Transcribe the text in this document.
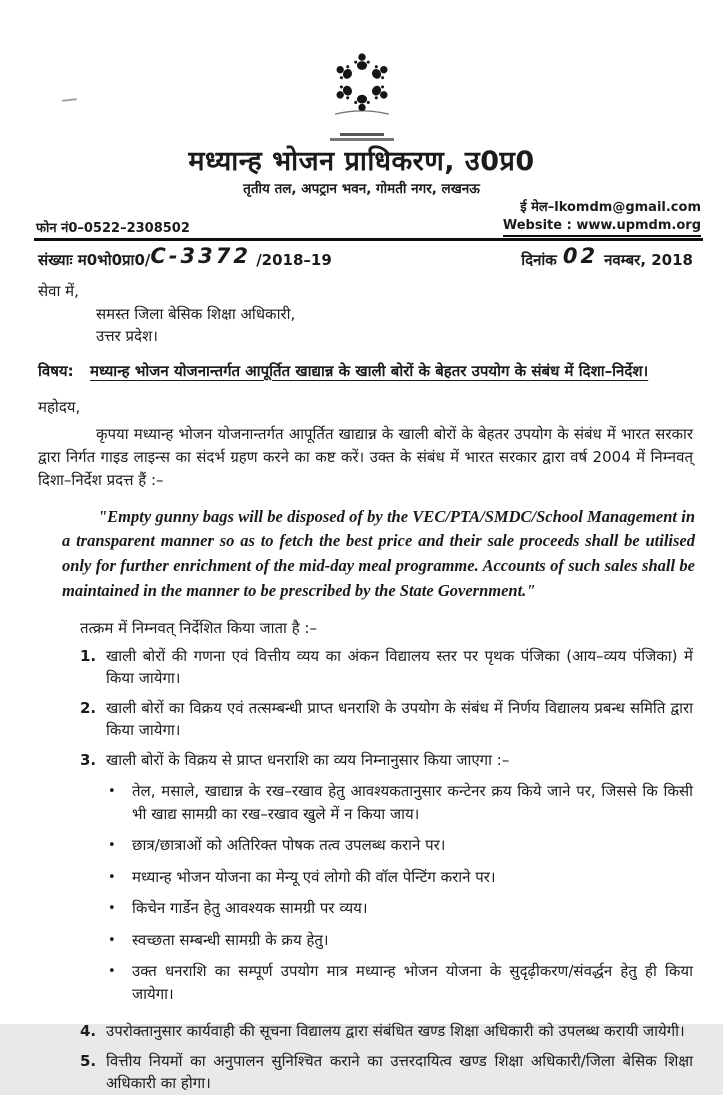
मध्यान्ह भोजन प्राधिकरण, उ0प्र0
तृतीय तल, अपट्रान भवन, गोमती नगर, लखनऊ
फोन नं0–0522–2308502
ई मेल–lkomdm@gmail.com
Website : www.upmdm.org
संख्याः म0भो0प्रा0/C-3372 /2018–19	दिनांक 02 नवम्बर, 2018
सेवा में,
समस्त जिला बेसिक शिक्षा अधिकारी,
उत्तर प्रदेश।
विषय:	मध्यान्ह भोजन योजनान्तर्गत आपूर्तित खाद्यान्न के खाली बोरों के बेहतर उपयोग के संबंध में दिशा–निर्देश।
महोदय,
कृपया मध्यान्ह भोजन योजनान्तर्गत आपूर्तित खाद्यान्न के खाली बोरों के बेहतर उपयोग के संबंध में भारत सरकार द्वारा निर्गत गाइड लाइन्स का संदर्भ ग्रहण करने का कष्ट करें। उक्त के संबंध में भारत सरकार द्वारा वर्ष 2004 में निम्नवत् दिशा–निर्देश प्रदत्त हैं :–
"Empty gunny bags will be disposed of by the VEC/PTA/SMDC/School Management in a transparent manner so as to fetch the best price and their sale proceeds shall be utilised only for further enrichment of the mid-day meal programme. Accounts of such sales shall be maintained in the manner to be prescribed by the State Government."
तत्क्रम में निम्नवत् निर्देशित किया जाता है :–
1. खाली बोरों की गणना एवं वित्तीय व्यय का अंकन विद्यालय स्तर पर पृथक पंजिका (आय–व्यय पंजिका) में किया जायेगा।
2. खाली बोरों का विक्रय एवं तत्सम्बन्धी प्राप्त धनराशि के उपयोग के संबंध में निर्णय विद्यालय प्रबन्ध समिति द्वारा किया जायेगा।
3. खाली बोरों के विक्रय से प्राप्त धनराशि का व्यय निम्नानुसार किया जाएगा :–
•	तेल, मसाले, खाद्यान्न के रख–रखाव हेतु आवश्यकतानुसार कन्टेनर क्रय किये जाने पर, जिससे कि किसी भी खाद्य सामग्री का रख–रखाव खुले में न किया जाय।
•	छात्र/छात्राओं को अतिरिक्त पोषक तत्व उपलब्ध कराने पर।
•	मध्यान्ह भोजन योजना का मेन्यू एवं लोगो की वॉल पेन्टिंग कराने पर।
•	किचेन गार्डेन हेतु आवश्यक सामग्री पर व्यय।
•	स्वच्छता सम्बन्धी सामग्री के क्रय हेतु।
•	उक्त धनराशि का सम्पूर्ण उपयोग मात्र मध्यान्ह भोजन योजना के सुदृढ़ीकरण/संवर्द्धन हेतु ही किया जायेगा।
4. उपरोक्तानुसार कार्यवाही की सूचना विद्यालय द्वारा संबंधित खण्ड शिक्षा अधिकारी को उपलब्ध करायी जायेगी।
5. वित्तीय नियमों का अनुपालन सुनिश्चित कराने का उत्तरदायित्व खण्ड शिक्षा अधिकारी/जिला बेसिक शिक्षा अधिकारी का होगा।
